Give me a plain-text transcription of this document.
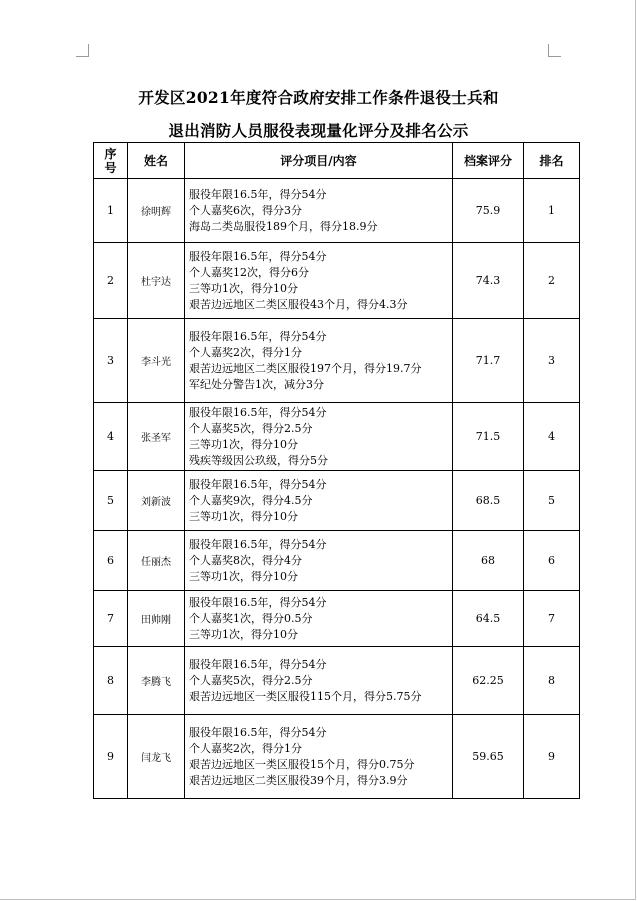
开发区2021年度符合政府安排工作条件退役士兵和
退出消防人员服役表现量化评分及排名公示
序号	姓名	评分项目/内容	档案评分	排名
1	徐明辉	服役年限16.5年，得分54分
个人嘉奖6次，得分3分
海岛二类岛服役189个月，得分18.9分	75.9	1
2	杜宇达	服役年限16.5年，得分54分
个人嘉奖12次，得分6分
三等功1次，得分10分
艰苦边远地区二类区服役43个月，得分4.3分	74.3	2
3	李斗光	服役年限16.5年，得分54分
个人嘉奖2次，得分1分
艰苦边远地区二类区服役197个月，得分19.7分
军纪处分警告1次，减分3分	71.7	3
4	张圣军	服役年限16.5年，得分54分
个人嘉奖5次，得分2.5分
三等功1次，得分10分
残疾等级因公玖级，得分5分	71.5	4
5	刘新波	服役年限16.5年，得分54分
个人嘉奖9次，得分4.5分
三等功1次，得分10分	68.5	5
6	任丽杰	服役年限16.5年，得分54分
个人嘉奖8次，得分4分
三等功1次，得分10分	68	6
7	田帅刚	服役年限16.5年，得分54分
个人嘉奖1次，得分0.5分
三等功1次，得分10分	64.5	7
8	李腾飞	服役年限16.5年，得分54分
个人嘉奖5次，得分2.5分
艰苦边远地区一类区服役115个月，得分5.75分	62.25	8
9	闫龙飞	服役年限16.5年，得分54分
个人嘉奖2次，得分1分
艰苦边远地区一类区服役15个月，得分0.75分
艰苦边远地区二类区服役39个月，得分3.9分	59.65	9
